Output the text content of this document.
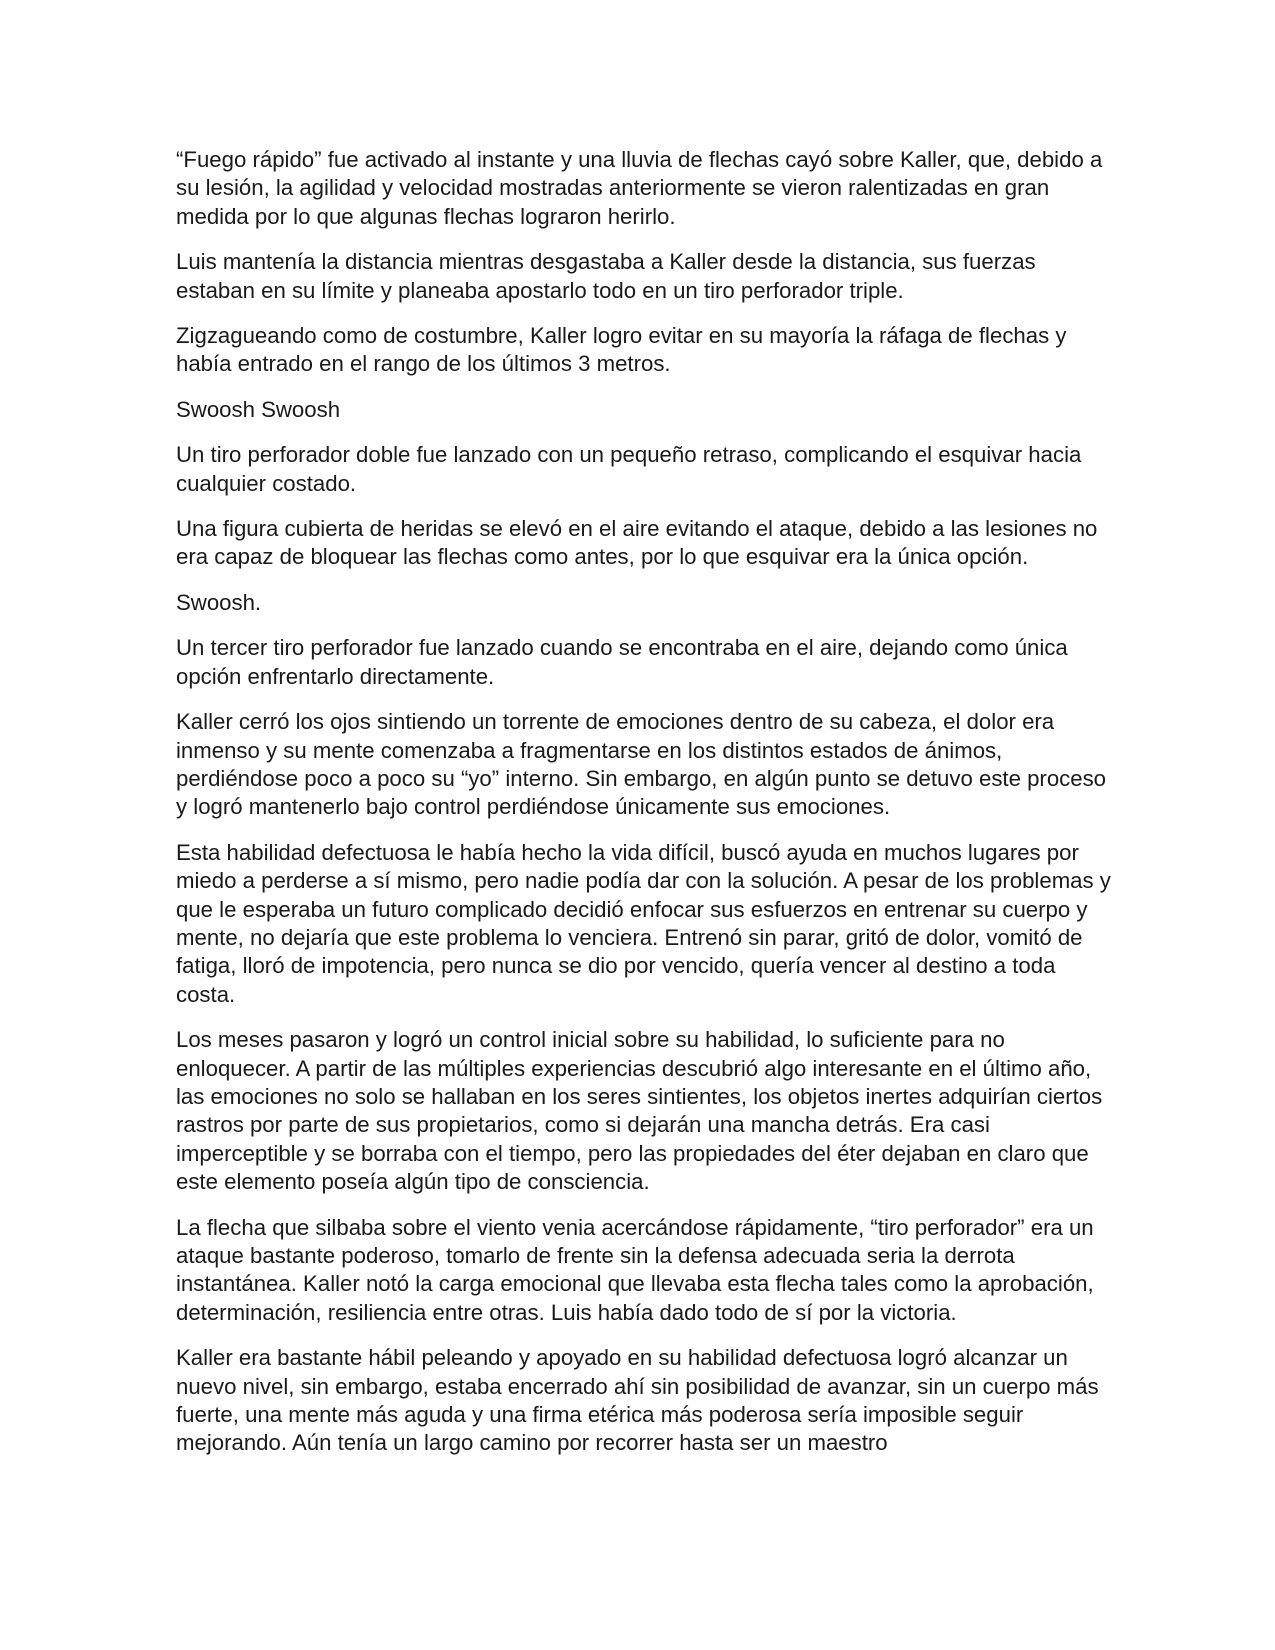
“Fuego rápido” fue activado al instante y una lluvia de flechas cayó sobre Kaller, que, debido a su lesión, la agilidad y velocidad mostradas anteriormente se vieron ralentizadas en gran medida por lo que algunas flechas lograron herirlo.

Luis mantenía la distancia mientras desgastaba a Kaller desde la distancia, sus fuerzas estaban en su límite y planeaba apostarlo todo en un tiro perforador triple.

Zigzagueando como de costumbre, Kaller logro evitar en su mayoría la ráfaga de flechas y había entrado en el rango de los últimos 3 metros.

Swoosh Swoosh

Un tiro perforador doble fue lanzado con un pequeño retraso, complicando el esquivar hacia cualquier costado.

Una figura cubierta de heridas se elevó en el aire evitando el ataque, debido a las lesiones no era capaz de bloquear las flechas como antes, por lo que esquivar era la única opción.

Swoosh.

Un tercer tiro perforador fue lanzado cuando se encontraba en el aire, dejando como única opción enfrentarlo directamente.

Kaller cerró los ojos sintiendo un torrente de emociones dentro de su cabeza, el dolor era inmenso y su mente comenzaba a fragmentarse en los distintos estados de ánimos, perdiéndose poco a poco su “yo” interno. Sin embargo, en algún punto se detuvo este proceso y logró mantenerlo bajo control perdiéndose únicamente sus emociones.

Esta habilidad defectuosa le había hecho la vida difícil, buscó ayuda en muchos lugares por miedo a perderse a sí mismo, pero nadie podía dar con la solución. A pesar de los problemas y que le esperaba un futuro complicado decidió enfocar sus esfuerzos en entrenar su cuerpo y mente, no dejaría que este problema lo venciera. Entrenó sin parar, gritó de dolor, vomitó de fatiga, lloró de impotencia, pero nunca se dio por vencido, quería vencer al destino a toda costa.

Los meses pasaron y logró un control inicial sobre su habilidad, lo suficiente para no enloquecer. A partir de las múltiples experiencias descubrió algo interesante en el último año, las emociones no solo se hallaban en los seres sintientes, los objetos inertes adquirían ciertos rastros por parte de sus propietarios, como si dejarán una mancha detrás. Era casi imperceptible y se borraba con el tiempo, pero las propiedades del éter dejaban en claro que este elemento poseía algún tipo de consciencia.

La flecha que silbaba sobre el viento venia acercándose rápidamente, “tiro perforador” era un ataque bastante poderoso, tomarlo de frente sin la defensa adecuada seria la derrota instantánea. Kaller notó la carga emocional que llevaba esta flecha tales como la aprobación, determinación, resiliencia entre otras. Luis había dado todo de sí por la victoria.

Kaller era bastante hábil peleando y apoyado en su habilidad defectuosa logró alcanzar un nuevo nivel, sin embargo, estaba encerrado ahí sin posibilidad de avanzar, sin un cuerpo más fuerte, una mente más aguda y una firma etérica más poderosa sería imposible seguir mejorando. Aún tenía un largo camino por recorrer hasta ser un maestro
